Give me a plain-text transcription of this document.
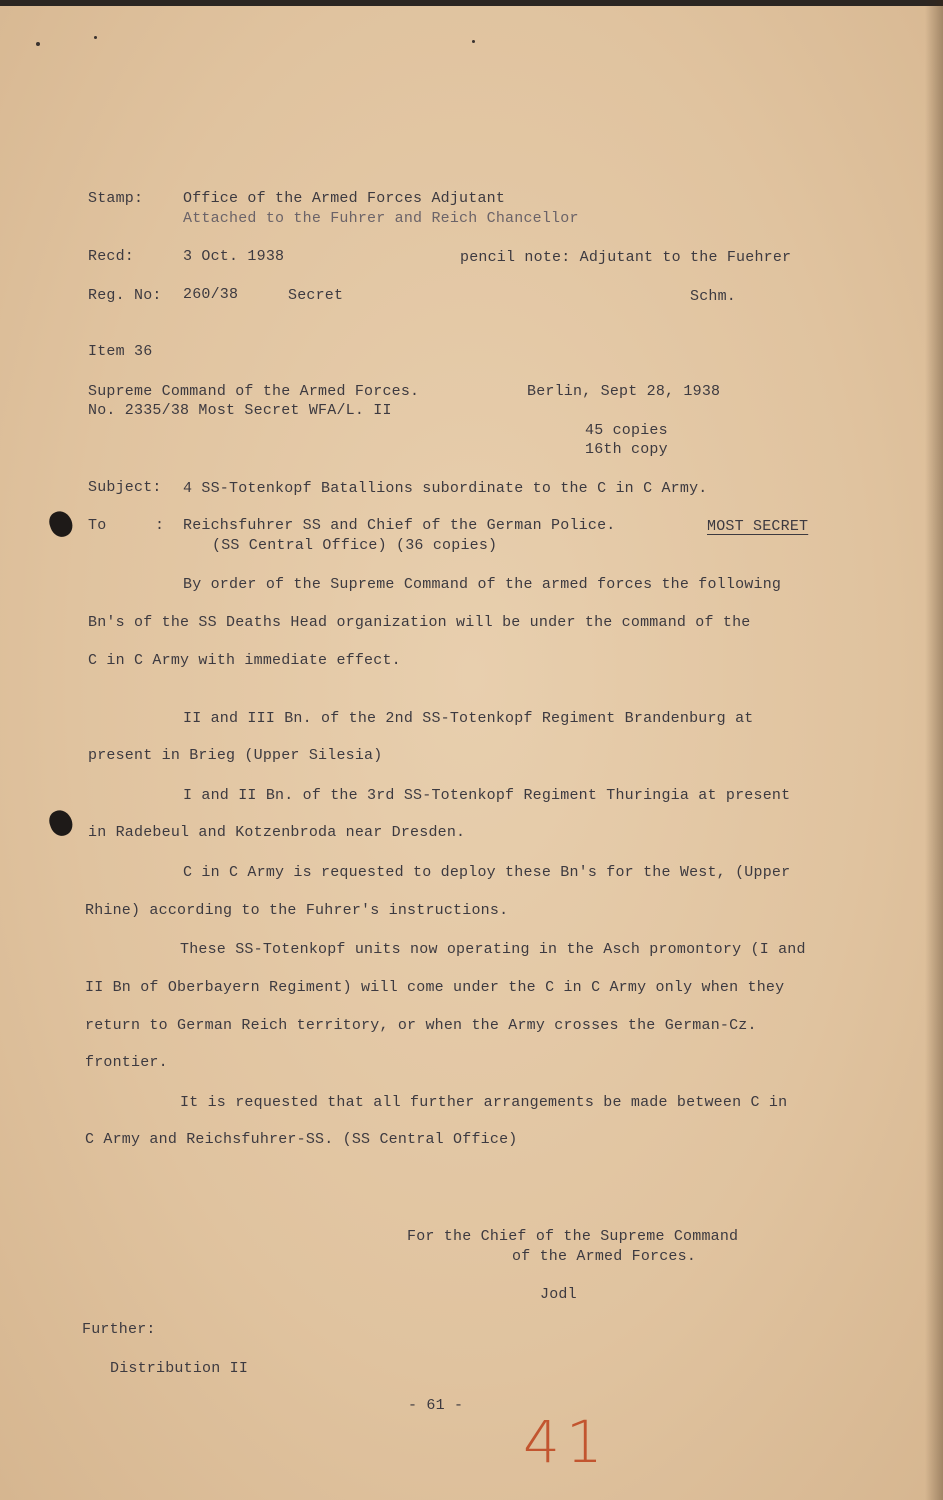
Stamp:	Office of the Armed Forces Adjutant
Attached to the Fuhrer and Reich Chancellor
Recd:	3 Oct. 1938	pencil note: Adjutant to the Fuehrer
Reg. No: 260/38	Secret	Schm.
Item 36
Supreme Command of the Armed Forces.
No. 2335/38 Most Secret WFA/L. II
Berlin, Sept 28, 1938
45 copies
16th copy
Subject: 4 SS-Totenkopf Batallions subordinate to the C in C Army.
To	: Reichsfuhrer SS and Chief of the German Police.
(SS Central Office) (36 copies)
MOST SECRET
By order of the Supreme Command of the armed forces the following
Bn's of the SS Deaths Head organization will be under the command of the
C in C Army with immediate effect.
II and III Bn. of the 2nd SS-Totenkopf Regiment Brandenburg at
present in Brieg (Upper Silesia)
I and II Bn. of the 3rd SS-Totenkopf Regiment Thuringia at present
in Radebeul and Kotzenbroda near Dresden.
C in C Army is requested to deploy these Bn's for the West, (Upper
Rhine) according to the Fuhrer's instructions.
These SS-Totenkopf units now operating in the Asch promontory (I and
II Bn of Oberbayern Regiment) will come under the C in C Army only when they
return to German Reich territory, or when the Army crosses the German-Cz.
frontier.
It is requested that all further arrangements be made between C in
C Army and Reichsfuhrer-SS. (SS Central Office)
For the Chief of the Supreme Command
of the Armed Forces.
Jodl
Further:
Distribution II
- 61 -
41
